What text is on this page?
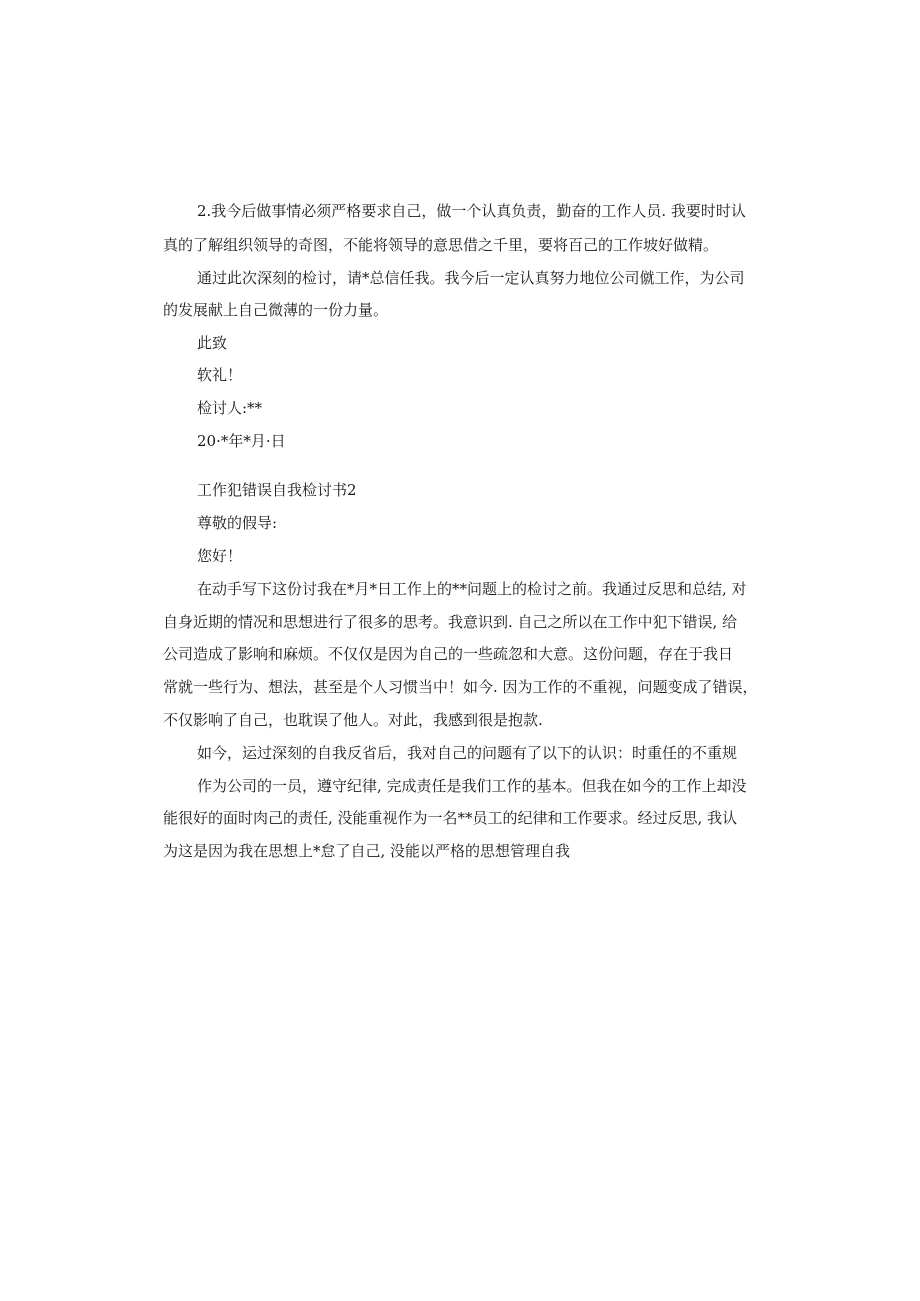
2.我今后做事情必须严格要求自己，做一个认真负责，勤奋的工作人员. 我要时时认
真的了解组织领导的奇图，不能将领导的意思借之千里，要将百己的工作坡好做精。
通过此次深刻的检讨，请*总信任我。我今后一定认真努力地位公司僦工作，为公司
的发展献上自己微薄的一份力量。
此致
软礼！
检讨人:**
20·*年*月·日
工作犯错误自我检讨书2
尊敬的假导:
您好！
在动手写下这份讨我在*月*日工作上的**问题上的检讨之前。我通过反思和总结, 对
自身近期的情况和思想进行了很多的思考。我意识到. 自己之所以在工作中犯下错误, 给
公司造成了影响和麻烦。不仅仅是因为自己的一些疏忽和大意。这份问题，存在于我日
常就一些行为、想法，甚至是个人习惯当中！如今. 因为工作的不重视，问题变成了错误，
不仅影响了自己，也耽误了他人。对此，我感到很是抱款.
如今，运过深刻的自我反省后，我对自己的问题有了以下的认识：时重任的不重规
作为公司的一员，遵守纪律, 完成责任是我们工作的基本。但我在如今的工作上却没
能很好的面时肉己的责任, 没能重视作为一名**员工的纪律和工作要求。经过反思, 我认
为这是因为我在思想上*怠了自己, 没能以严格的思想管理自我
